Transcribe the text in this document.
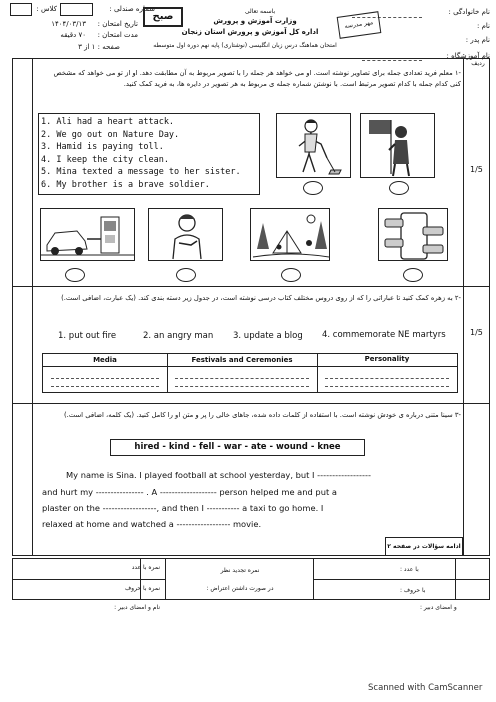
باسمه تعالی
وزارت آموزش و پرورش
اداره کل آموزش و پرورش استان زنجان
امتحان هماهنگ درس زبان انگلیسی (نوشتاری) پایه نهم دوره اول متوسطه
نام خانوادگی :
نام :
نام پدر :
نام آموزشگاه :
مهر مدرسه
شماره صندلی :
کلاس :
تاریخ امتحان :
۱۴۰۴/۰۳/۱۳
مدت امتحان :
۷۰ دقیقه
صفحه : ۱ از ۳
صبح
ردیف
-۱ معلم فرید تعدادی جمله برای تصاویر نوشته است. او می خواهد هر جمله را با تصویر مربوط به آن مطابقت دهد. او از تو می خواهد که مشخص کنی کدام جمله با کدام تصویر مرتبط است. با نوشتن شماره جمله ی مربوط به هر تصویر در دایره ها، به فرید کمک کنید.
1. Ali had a heart attack.
2. We go out on Nature Day.
3. Hamid is paying toll.
4. I keep the city clean.
5. Mina texted a message to her sister.
6. My brother is a brave soldier.
1/5
-۲ به زهره کمک کنید تا عباراتی را که از روی دروس مختلف کتاب درسی نوشته است، در جدول زیر دسته بندی کند. (یک عبارت، اضافی است.)
1. put out fire	2. an angry man 3. update a blog 4. commemorate NE martyrs
Media	Festivals and Ceremonies	Personality
1/5
-۳ سینا متنی درباره ی خودش نوشته است. با استفاده از کلمات داده شده، جاهای خالی را پر و متن او را کامل کنید. (یک کلمه، اضافی است.)
hired - kind - fell - war - ate - wound - knee
My name is Sina. I played football at school yesterday, but I ------------------
and hurt my ---------------- . A ------------------- person helped me and put a
plaster on the ------------------, and then I ----------- a taxi to go home. I
relaxed at home and watched a ------------------ movie.
ادامه سؤالات در صفحه ۲
نمره با عدد
نمره با حروف
نمره تجدید نظر
در صورت داشتن اعتراض :
با عدد :
با حروف :
نام و امضای دبیر :	و امضای دبیر :
Scanned with CamScanner
